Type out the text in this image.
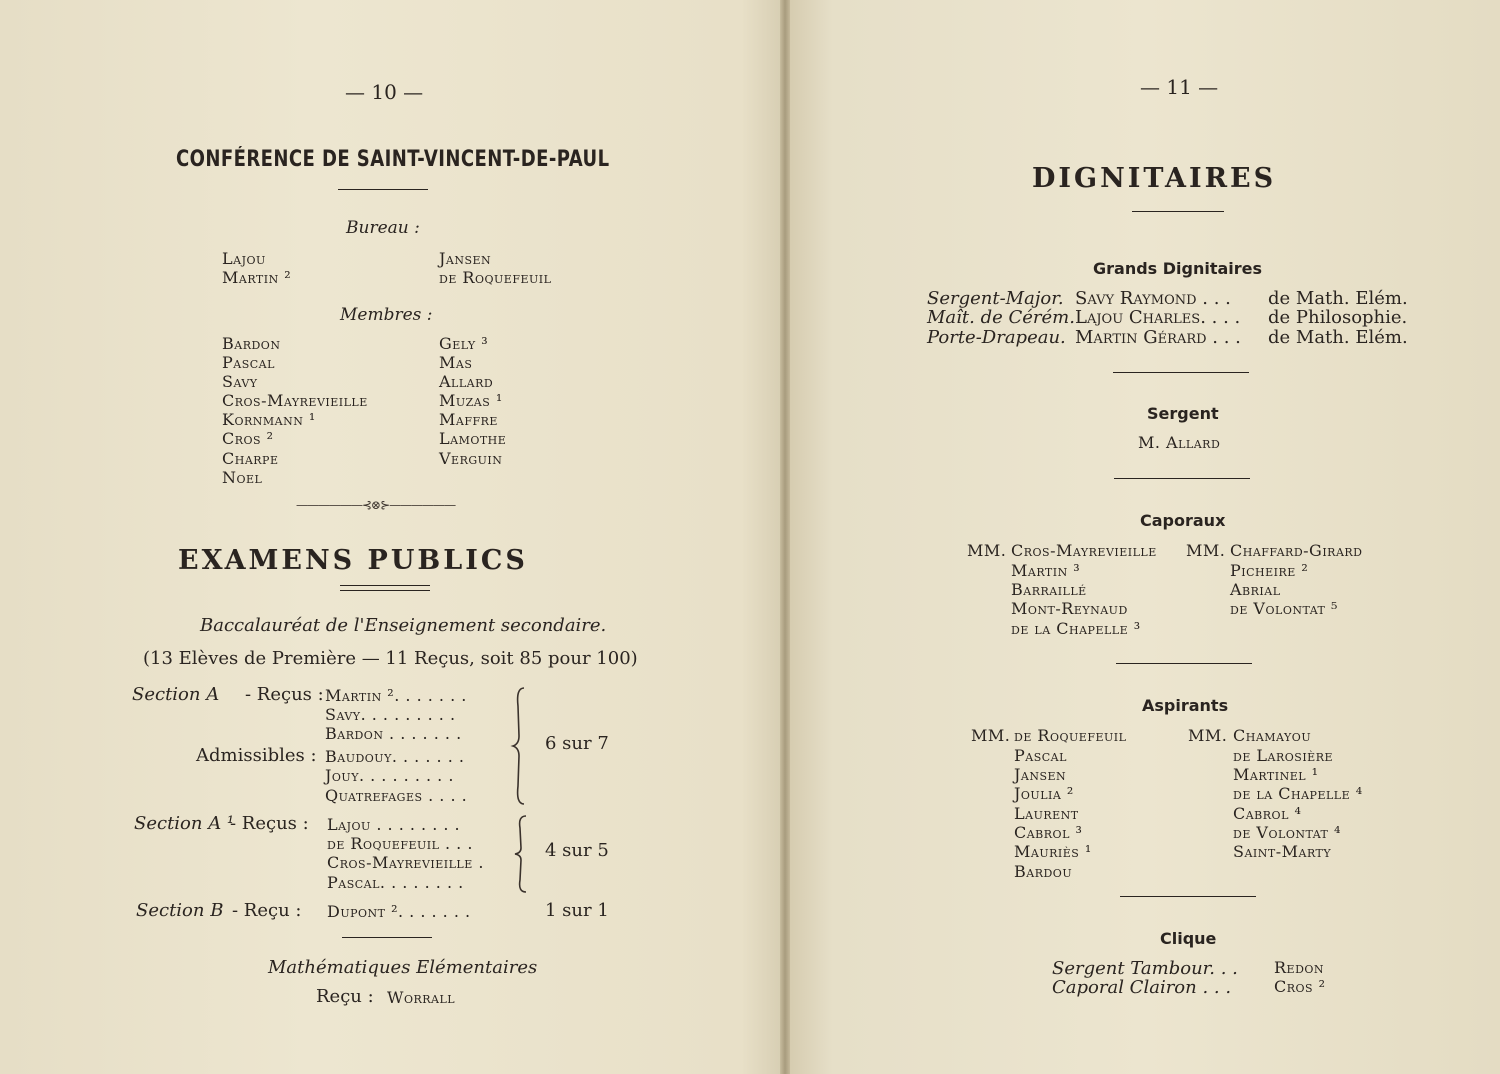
— 10 —
CONFÉRENCE DE SAINT-VINCENT-DE-PAUL
Bureau :
Lajou
Martin ²
Jansen
de Roquefeuil
Membres :
Bardon
Pascal
Savy
Cros-Mayrevieille
Kornmann ¹
Cros ²
Charpe
Noel
Gely ³
Mas
Allard
Muzas ¹
Maffre
Lamothe
Verguin
——————⊰⊗⊱——————
EXAMENS PUBLICS
Baccalauréat de l'Enseignement secondaire.
(13 Elèves de Première — 11 Reçus, soit 85 pour 100)
Section A - Reçus : Martin ². . . . . . .
Savy. . . . . . . . .
Bardon . . . . . . .
Admissibles : Baudouy. . . . . . .
Jouy. . . . . . . . .
Quatrefages . . . .
6 sur 7
Section A ¹
- Reçus : Lajou . . . . . . . .
de Roquefeuil . . .
Cros-Mayrevieille .
Pascal. . . . . . . .
4 sur 5
Section B - Reçu : Dupont ². . . . . . .	1 sur 1
Mathématiques Elémentaires
Reçu : Worrall
— 11 —
DIGNITAIRES
Grands Dignitaires
Sergent-Major.
Maît. de Cérém.
Porte-Drapeau.
Savy Raymond . . .
Lajou Charles. . . .
Martin Gérard . . .
de Math. Elém.
de Philosophie.
de Math. Elém.
Sergent
M. Allard
Caporaux
MM. Cros-Mayrevieille
Martin ³
Barraillé
Mont-Reynaud
de la Chapelle ³
MM. Chaffard-Girard
Picheire ²
Abrial
de Volontat ⁵
Aspirants
MM. de Roquefeuil
Pascal
Jansen
Joulia ²
Laurent
Cabrol ³
Mauriès ¹
Bardou
MM. Chamayou
de Larosière
Martinel ¹
de la Chapelle ⁴
Cabrol ⁴
de Volontat ⁴
Saint-Marty
Clique
Sergent Tambour. . .
Caporal Clairon . . .
Redon
Cros ²
